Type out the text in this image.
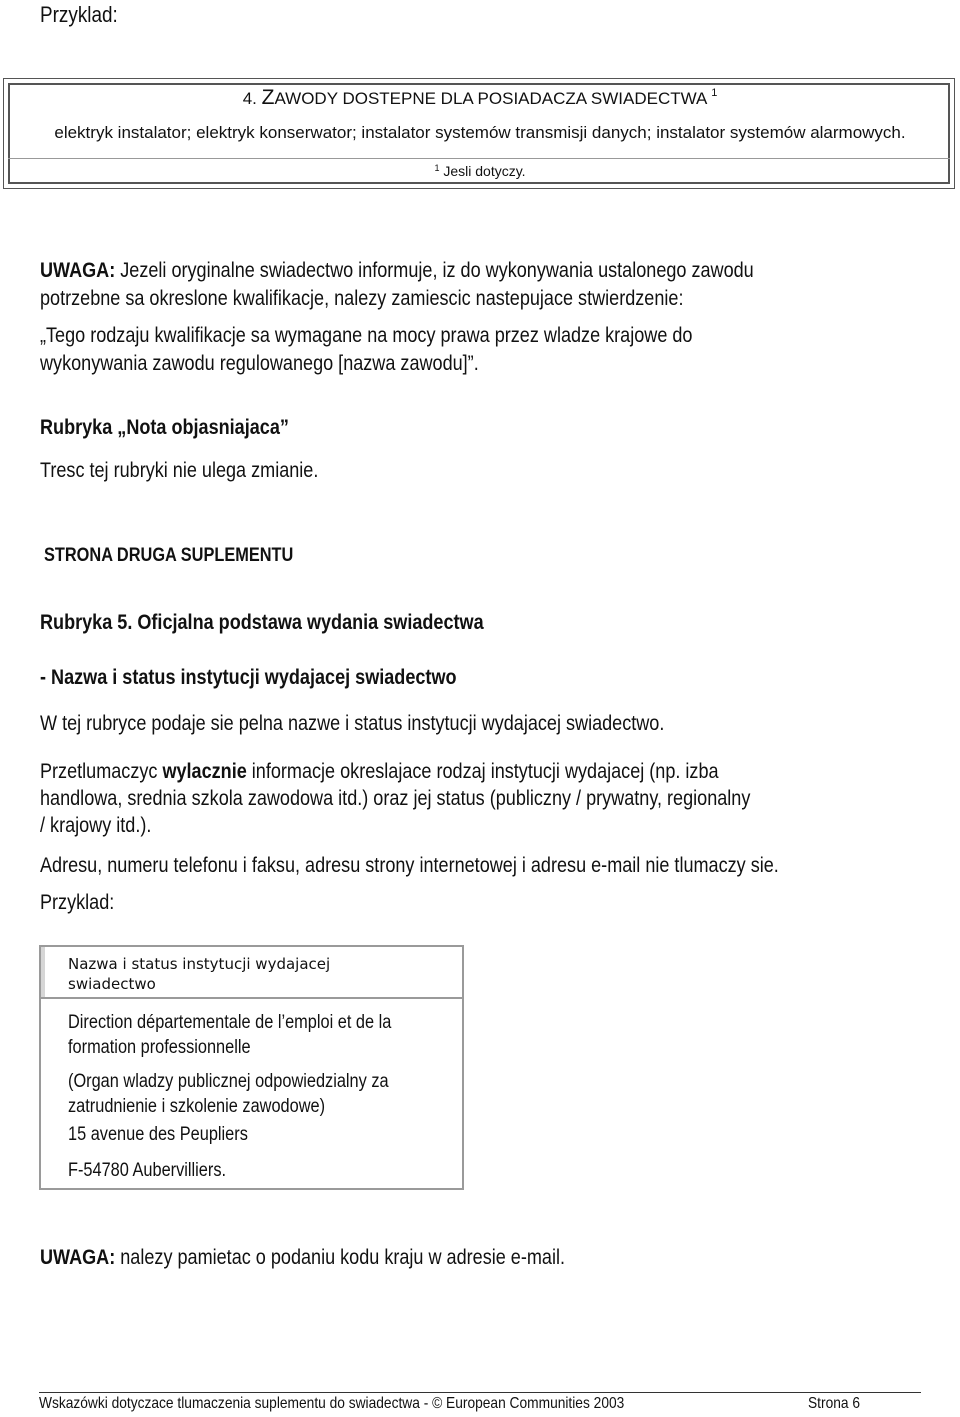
Przyklad:
4. ZAWODY DOSTEPNE DLA POSIADACZA SWIADECTWA $^1$
elektryk instalator; elektryk konserwator; instalator systemów transmisji danych; instalator systemów alarmowych.
$^1$ Jesli dotyczy.
UWAGA: Jezeli oryginalne swiadectwo informuje, iz do wykonywania ustalonego zawodu
potrzebne sa okreslone kwalifikacje, nalezy zamiescic nastepujace stwierdzenie:
„Tego rodzaju kwalifikacje sa wymagane na mocy prawa przez wladze krajowe do
wykonywania zawodu regulowanego [nazwa zawodu]”.
Rubryka „Nota objasniajaca”
Tresc tej rubryki nie ulega zmianie.
STRONA DRUGA SUPLEMENTU
Rubryka 5. Oficjalna podstawa wydania swiadectwa
- Nazwa i status instytucji wydajacej swiadectwo
W tej rubryce podaje sie pelna nazwe i status instytucji wydajacej swiadectwo.
Przetlumaczyc wylacznie informacje okreslajace rodzaj instytucji wydajacej (np. izba
handlowa, srednia szkola zawodowa itd.) oraz jej status (publiczny / prywatny, regionalny
/ krajowy itd.).
Adresu, numeru telefonu i faksu, adresu strony internetowej i adresu e-mail nie tlumaczy sie.
Przyklad:
Nazwa i status instytucji wydajacej
swiadectwo
Direction départementale de l’emploi et de la
formation professionnelle
(Organ wladzy publicznej odpowiedzialny za
zatrudnienie i szkolenie zawodowe)
15 avenue des Peupliers
F-54780 Aubervilliers.
UWAGA: nalezy pamietac o podaniu kodu kraju w adresie e-mail.
Wskazówki dotyczace tlumaczenia suplementu do swiadectwa - © European Communities 2003	Strona 6
